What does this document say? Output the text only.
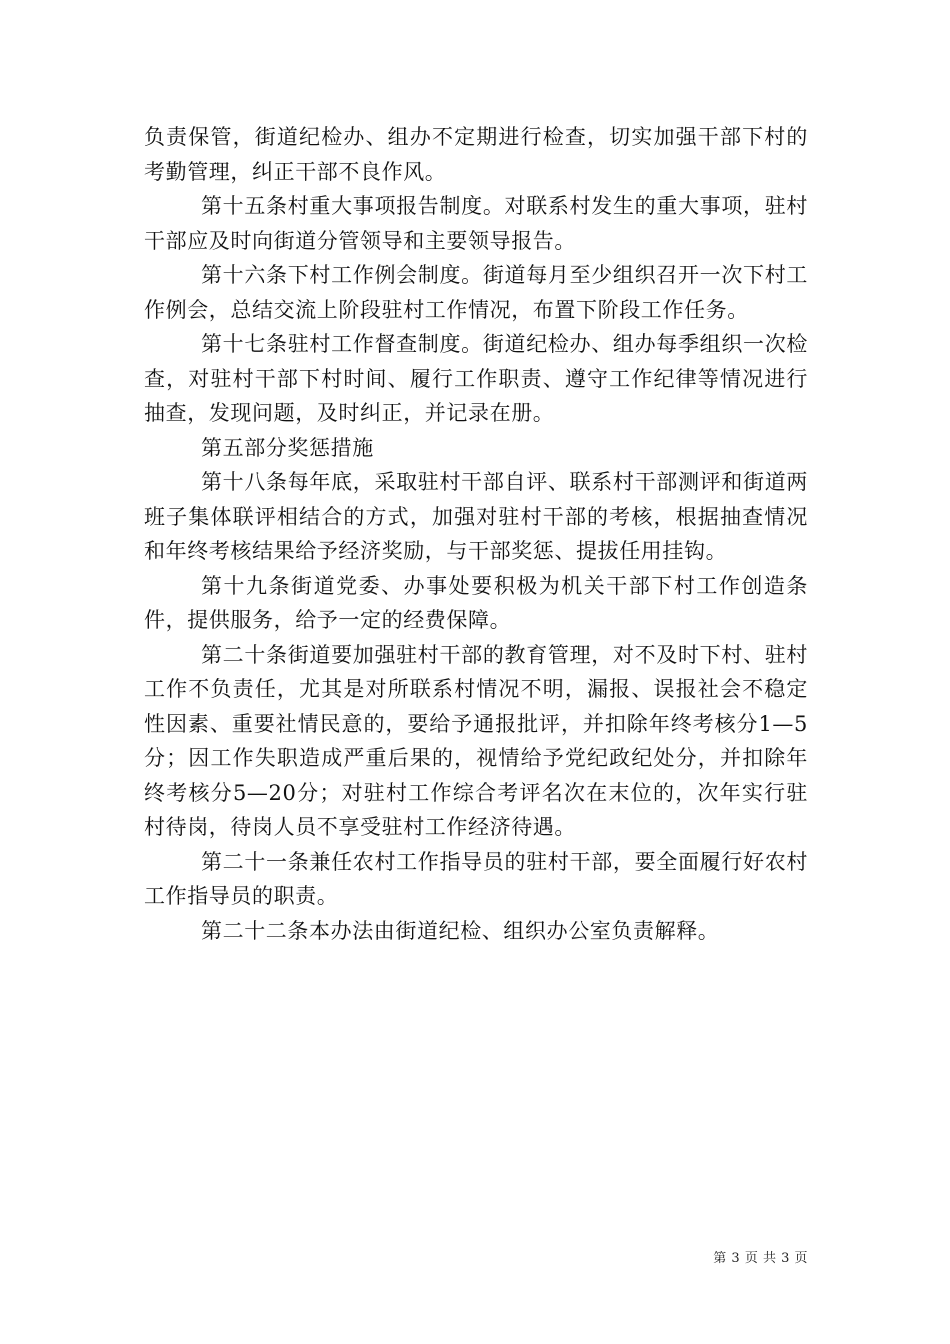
负责保管，街道纪检办、组办不定期进行检查，切实加强干部下村的考勤管理，纠正干部不良作风。

第十五条村重大事项报告制度。对联系村发生的重大事项，驻村干部应及时向街道分管领导和主要领导报告。

第十六条下村工作例会制度。街道每月至少组织召开一次下村工作例会，总结交流上阶段驻村工作情况，布置下阶段工作任务。

第十七条驻村工作督查制度。街道纪检办、组办每季组织一次检查，对驻村干部下村时间、履行工作职责、遵守工作纪律等情况进行抽查，发现问题，及时纠正，并记录在册。

第五部分奖惩措施

第十八条每年底，采取驻村干部自评、联系村干部测评和街道两班子集体联评相结合的方式，加强对驻村干部的考核，根据抽查情况和年终考核结果给予经济奖励，与干部奖惩、提拔任用挂钩。

第十九条街道党委、办事处要积极为机关干部下村工作创造条件，提供服务，给予一定的经费保障。

第二十条街道要加强驻村干部的教育管理，对不及时下村、驻村工作不负责任，尤其是对所联系村情况不明，漏报、误报社会不稳定性因素、重要社情民意的，要给予通报批评，并扣除年终考核分1—5分；因工作失职造成严重后果的，视情给予党纪政纪处分，并扣除年终考核分5—20分；对驻村工作综合考评名次在末位的，次年实行驻村待岗，待岗人员不享受驻村工作经济待遇。

第二十一条兼任农村工作指导员的驻村干部，要全面履行好农村工作指导员的职责。

第二十二条本办法由街道纪检、组织办公室负责解释。

第 3 页 共 3 页
